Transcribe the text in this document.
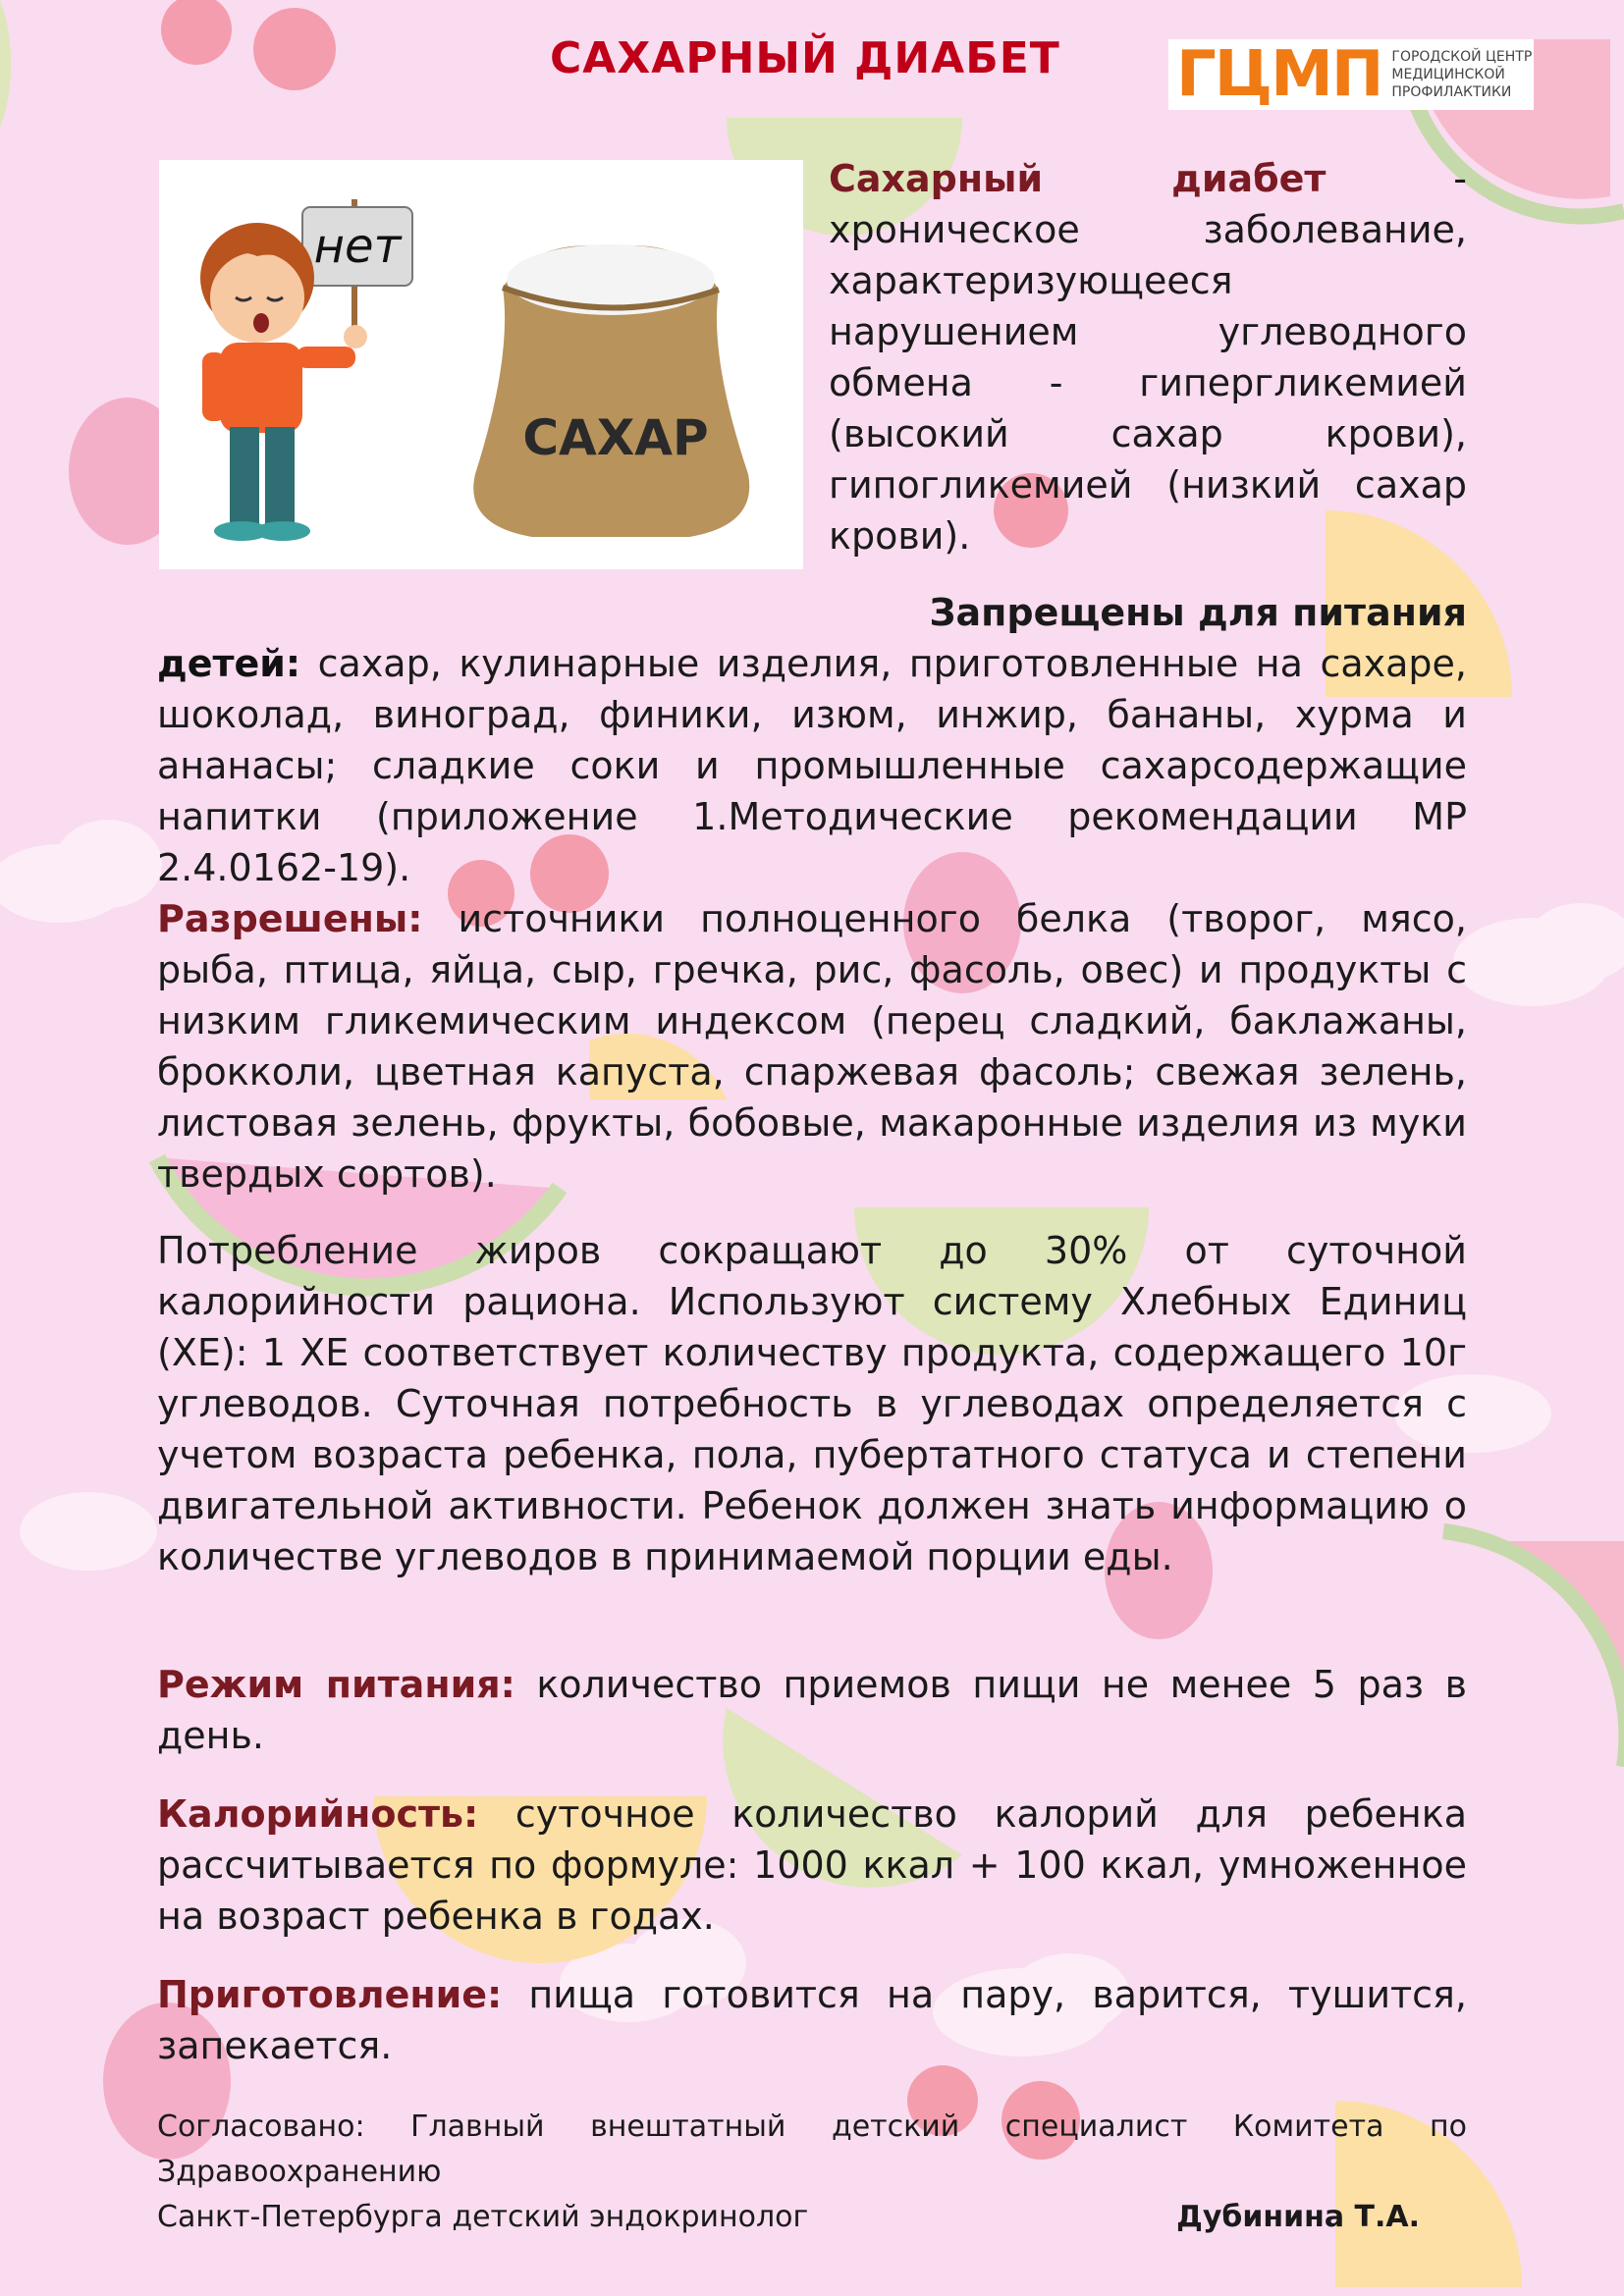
САХАРНЫЙ ДИАБЕТ	ГЦМП ГОРОДСКОЙ ЦЕНТР
МЕДИЦИНСКОЙ
ПРОФИЛАКТИКИ
нет
САХАР
Сахарный диабет - хроническое заболевание, характеризующееся нарушением углеводного обмена - гипергликемией (высокий сахар крови), гипогликемией (низкий сахар крови).
Запрещены для питания
детей: сахар, кулинарные изделия, приготовленные на сахаре, шоколад, виноград, финики, изюм, инжир, бананы, хурма и ананасы; сладкие соки и промышленные сахарсодержащие напитки (приложение 1.Методические рекомендации МР 2.4.0162-19).
Разрешены: источники полноценного белка (творог, мясо, рыба, птица, яйца, сыр, гречка, рис, фасоль, овес) и продукты с низким гликемическим индексом (перец сладкий, баклажаны, брокколи, цветная капуста, спаржевая фасоль; свежая зелень, листовая зелень, фрукты, бобовые, макаронные изделия из муки твердых сортов).
Потребление жиров сокращают до 30% от суточной калорийности рациона. Используют систему Хлебных Единиц (ХЕ): 1 ХЕ соответствует количеству продукта, содержащего 10г углеводов. Суточная потребность в углеводах определяется с учетом возраста ребенка, пола, пубертатного статуса и степени двигательной активности. Ребенок должен знать информацию о количестве углеводов в принимаемой порции еды.
Режим питания: количество приемов пищи не менее 5 раз в день.
Калорийность: суточное количество калорий для ребенка рассчитывается по формуле: 1000 ккал + 100 ккал, умноженное на возраст ребенка в годах.
Приготовление: пища готовится на пару, варится, тушится, запекается.
Согласовано: Главный внештатный детский специалист Комитета по Здравоохранению
Санкт-Петербурга детский эндокринолог	Дубинина Т.А.
